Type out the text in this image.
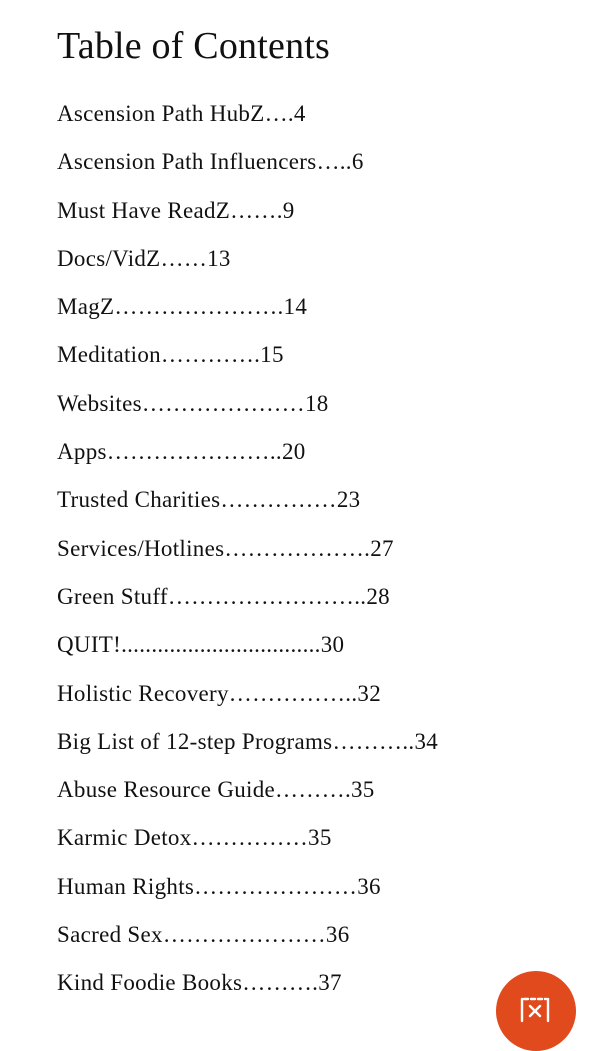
Table of Contents
Ascension Path HubZ….4
Ascension Path Influencers…..6
Must Have ReadZ…….9
Docs/VidZ……13
MagZ………………….14
Meditation………….15
Websites…………………18
Apps…………………..20
Trusted Charities……………23
Services/Hotlines……………….27
Green Stuff……………………..28
QUIT!.................................30
Holistic Recovery……………..32
Big List of 12-step Programs………..34
Abuse Resource Guide……….35
Karmic Detox……………35
Human Rights…………………36
Sacred Sex…………………36
Kind Foodie Books……….37
